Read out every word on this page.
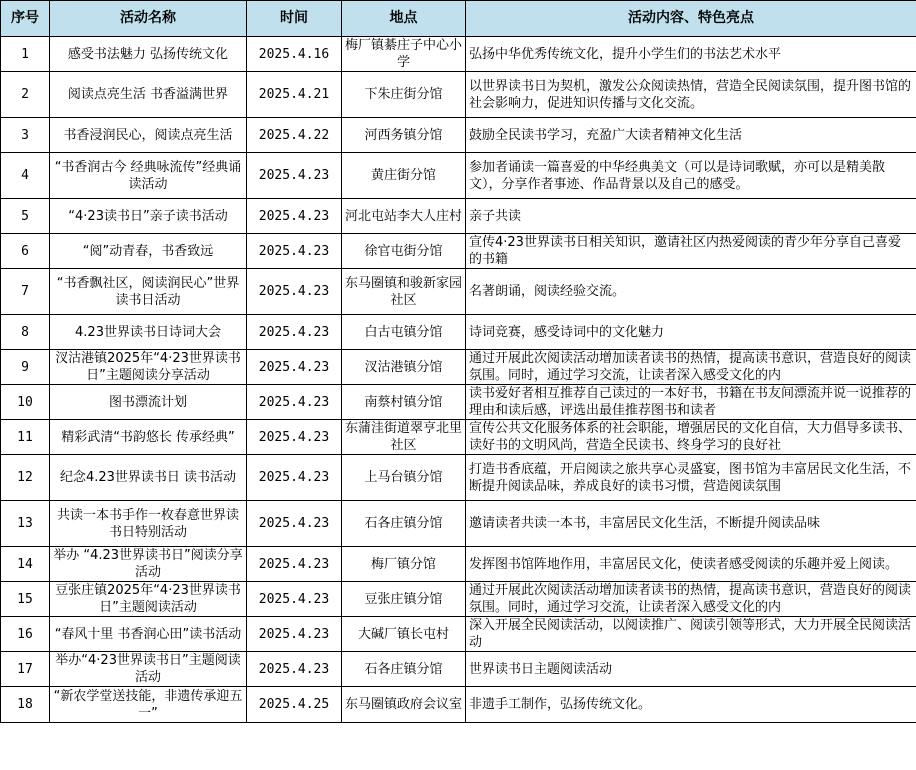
序号	活动名称	时间	地点	活动内容、特色亮点

1	感受书法魅力 弘扬传统文化	2025.4.16	梅厂镇綦庄子中心小学	弘扬中华优秀传统文化，提升小学生们的书法艺术水平

2	阅读点亮生活 书香溢满世界	2025.4.21	下朱庄街分馆	以世界读书日为契机，激发公众阅读热情，营造全民阅读氛围，提升图书馆的社会影响力，促进知识传播与文化交流。

3	书香浸润民心，阅读点亮生活	2025.4.22	河西务镇分馆	鼓励全民读书学习，充盈广大读者精神文化生活

4	“书香润古今 经典咏流传”经典诵读活动	2025.4.23	黄庄街分馆	参加者诵读一篇喜爱的中华经典美文（可以是诗词歌赋，亦可以是精美散文），分享作者事迹、作品背景以及自己的感受。

5	“4·23读书日”亲子读书活动	2025.4.23	河北屯站李大人庄村	亲子共读

6	“阅”动青春，书香致远	2025.4.23	徐官屯街分馆	宣传4·23世界读书日相关知识，邀请社区内热爱阅读的青少年分享自己喜爱的书籍

7	“书香飘社区，阅读润民心”世界读书日活动	2025.4.23	东马圈镇和骏新家园社区	名著朗诵，阅读经验交流。

8	4.23世界读书日诗词大会	2025.4.23	白古屯镇分馆	诗词竞赛，感受诗词中的文化魅力

9	汊沽港镇2025年“4·23世界读书日”主题阅读分享活动	2025.4.23	汊沽港镇分馆	通过开展此次阅读活动增加读者读书的热情，提高读书意识，营造良好的阅读氛围。同时，通过学习交流，让读者深入感受文化的内

10	图书漂流计划	2025.4.23	南蔡村镇分馆	读书爱好者相互推荐自己读过的一本好书，书籍在书友间漂流并说一说推荐的理由和读后感，评选出最佳推荐图书和读者

11	精彩武清“书韵悠长 传承经典”	2025.4.23	东蒲洼街道翠亨北里社区	宣传公共文化服务体系的社会职能，增强居民的文化自信，大力倡导多读书、读好书的文明风尚，营造全民读书、终身学习的良好社

12	纪念4.23世界读书日 读书活动	2025.4.23	上马台镇分馆	打造书香底蕴，开启阅读之旅共享心灵盛宴，图书馆为丰富居民文化生活，不断提升阅读品味，养成良好的读书习惯，营造阅读氛围

13	共读一本书手作一枚春意世界读书日特别活动	2025.4.23	石各庄镇分馆	邀请读者共读一本书，丰富居民文化生活，不断提升阅读品味

14	举办 “4.23世界读书日”阅读分享活动	2025.4.23	梅厂镇分馆	发挥图书馆阵地作用，丰富居民文化，使读者感受阅读的乐趣并爱上阅读。

15	豆张庄镇2025年“4·23世界读书日”主题阅读活动	2025.4.23	豆张庄镇分馆	通过开展此次阅读活动增加读者读书的热情，提高读书意识，营造良好的阅读氛围。同时，通过学习交流，让读者深入感受文化的内

16	“春风十里 书香润心田”读书活动	2025.4.23	大碱厂镇长屯村	深入开展全民阅读活动，以阅读推广、阅读引领等形式，大力开展全民阅读活动

17	举办“4·23世界读书日”主题阅读活动	2025.4.23	石各庄镇分馆	世界读书日主题阅读活动

18	“新农学堂送技能，非遗传承迎五一”	2025.4.25	东马圈镇政府会议室	非遗手工制作，弘扬传统文化。
